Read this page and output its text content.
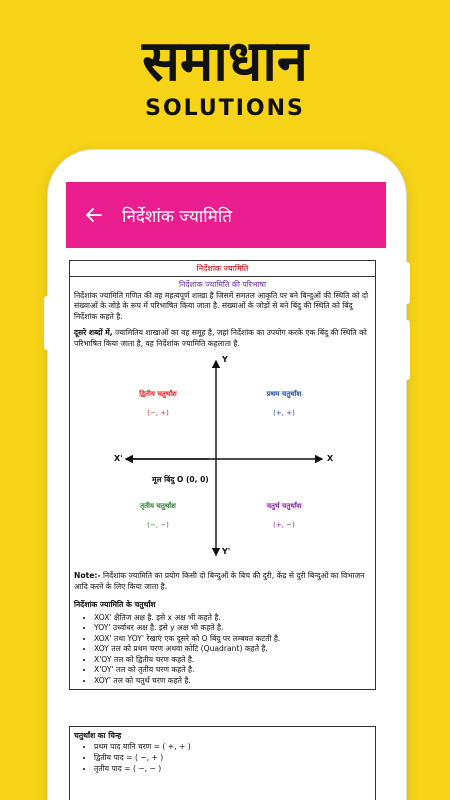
समाधान
SOLUTIONS
निर्देशांक ज्यामिति
निर्देशांक ज्यामिति
निर्देशांक ज्यामिति की परिभाषा

निर्देशांक ज्यामिति गणित की वह महत्वपूर्ण शाखा है जिसमें समतल आकृति पर बने बिन्दुओं की स्थिति को दो संख्याओं के जोड़े के रूप में परिभाषित किया जाता है. संख्याओं के जोड़ों से बने बिंदु की स्थिति को बिंदु निर्देशांक कहते है.

दूसरे शब्दों में, ज्यामितिय शाखाओं का वह समूह है, जहां निर्देशांक का उपयोग करके एक बिंदु की स्थिति को परिभाषित किया जाता है, वह निर्देशांक ज्यामिति कहलाता है.

Y
Y'
X
X'
मूल बिंदु O (0, 0)
द्वितीय चतुर्थांश
(−, +)
प्रथम चतुर्थांश
(+, +)
तृतीय चतुर्थांश
(−, −)
चतुर्थ चतुर्थांश
(+, −)

Note:- निर्देशांक ज्यामिति का प्रयोग किसी दो बिन्दुओं के बिच की दुरी, केंद्र से दुरी बिन्दुओं का विभाजन आदि करने के लिए किया जाता है.

निर्देशांक ज्यामिति के चतुर्थांश
• XOX' क्षैतिज अक्ष है. इसे x अक्ष भी कहते है.
• YOY' उर्ध्वाधर अक्ष है. इसे y अक्ष भी कहते है.
• XOX' तथा YOY' रेखाएं एक दूसरे को O बिंदु पर लम्बवत कटती है.
• XOY तल को प्रथम चरण अथवा कोटि (Quadrant) कहते है.
• X'OY तल को द्वितीय चरण कहते है.
• X'OY' तल को तृतीय चरण कहते है.
• XOY' तल को चतुर्थ चरण कहते है.
चतुर्थांश का चिन्ह
• प्रथम पाद यानि चरण = ( +, + )
• द्वितीय पाद = ( −, + )
• तृतीय पाद = ( −, − )
